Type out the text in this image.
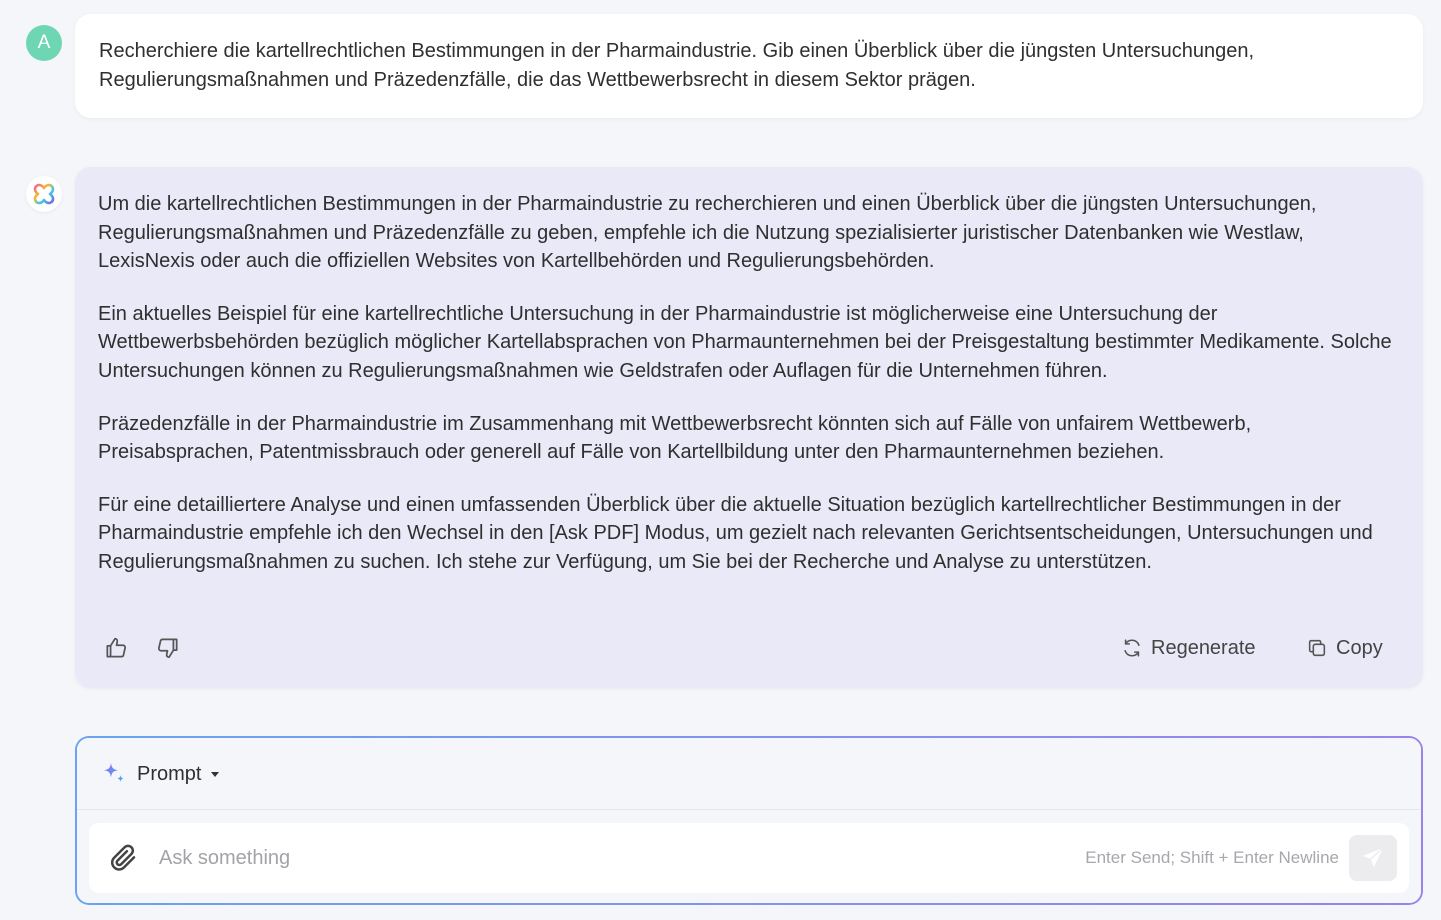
A Recherchiere die kartellrechtlichen Bestimmungen in der Pharmaindustrie. Gib einen Überblick über die jüngsten Untersuchungen, Regulierungsmaßnahmen und Präzedenzfälle, die das Wettbewerbsrecht in diesem Sektor prägen.

Um die kartellrechtlichen Bestimmungen in der Pharmaindustrie zu recherchieren und einen Überblick über die jüngsten Untersuchungen, Regulierungsmaßnahmen und Präzedenzfälle zu geben, empfehle ich die Nutzung spezialisierter juristischer Datenbanken wie Westlaw, LexisNexis oder auch die offiziellen Websites von Kartellbehörden und Regulierungsbehörden.

Ein aktuelles Beispiel für eine kartellrechtliche Untersuchung in der Pharmaindustrie ist möglicherweise eine Untersuchung der Wettbewerbsbehörden bezüglich möglicher Kartellabsprachen von Pharmaunternehmen bei der Preisgestaltung bestimmter Medikamente. Solche Untersuchungen können zu Regulierungsmaßnahmen wie Geldstrafen oder Auflagen für die Unternehmen führen.

Präzedenzfälle in der Pharmaindustrie im Zusammenhang mit Wettbewerbsrecht könnten sich auf Fälle von unfairem Wettbewerb, Preisabsprachen, Patentmissbrauch oder generell auf Fälle von Kartellbildung unter den Pharmaunternehmen beziehen.

Für eine detailliertere Analyse und einen umfassenden Überblick über die aktuelle Situation bezüglich kartellrechtlicher Bestimmungen in der Pharmaindustrie empfehle ich den Wechsel in den [Ask PDF] Modus, um gezielt nach relevanten Gerichtsentscheidungen, Untersuchungen und Regulierungsmaßnahmen zu suchen. Ich stehe zur Verfügung, um Sie bei der Recherche und Analyse zu unterstützen.

Regenerate	Copy
Prompt
Ask something
Enter Send; Shift + Enter Newline
